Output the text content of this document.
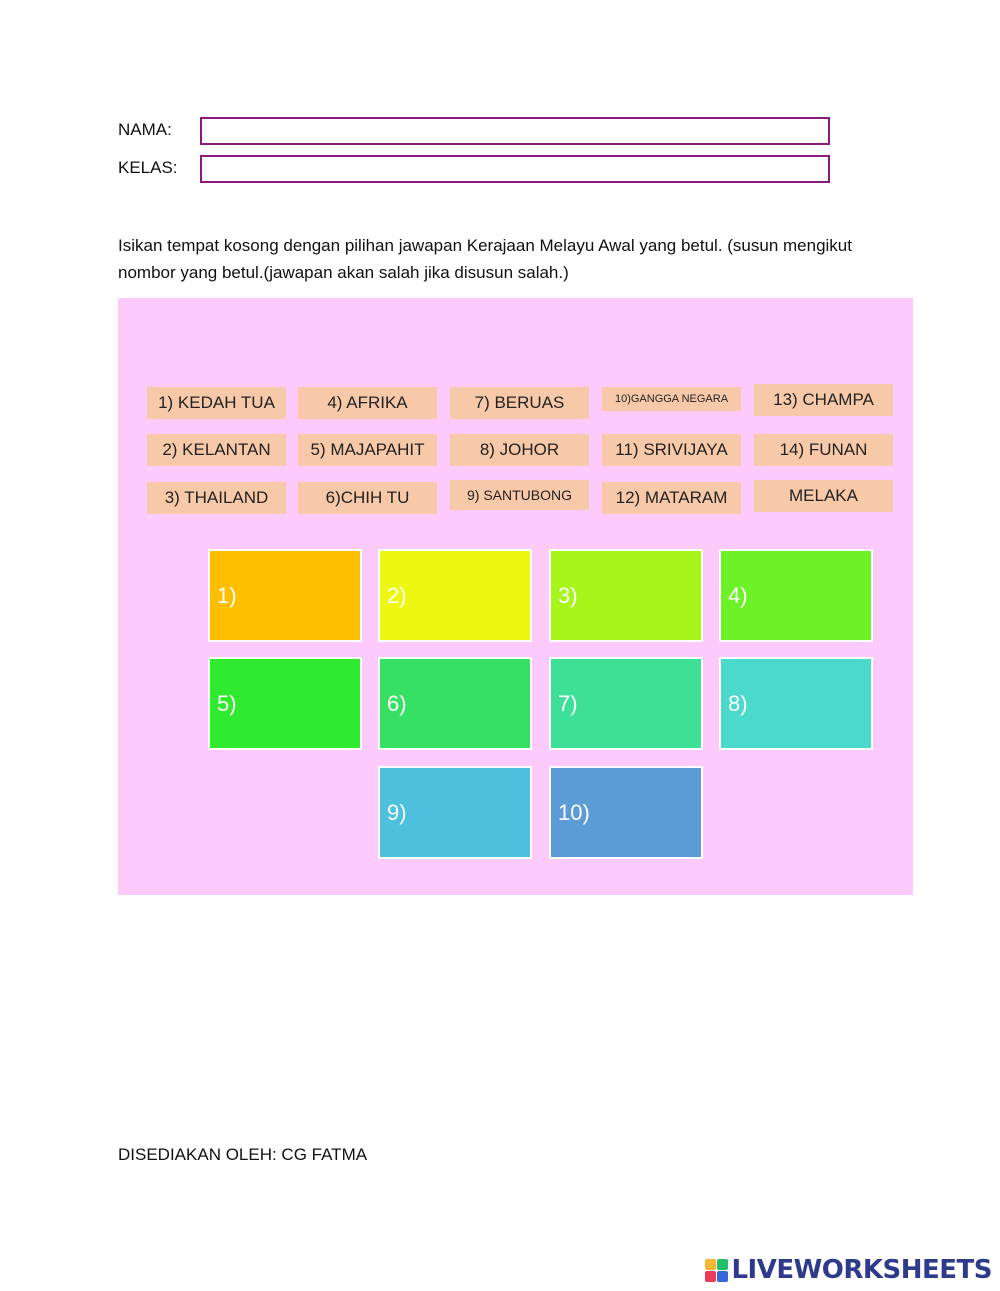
NAMA:
KELAS:
Isikan tempat kosong dengan pilihan jawapan Kerajaan Melayu Awal yang betul. (susun mengikut nombor yang betul.(jawapan akan salah jika disusun salah.)
1) KEDAH TUA	4) AFRIKA	7) BERUAS	10)GANGGA NEGARA	13) CHAMPA
2) KELANTAN	5) MAJAPAHIT	8) JOHOR	11) SRIVIJAYA	14) FUNAN
3) THAILAND	6)CHIH TU	9) SANTUBONG	12) MATARAM	MELAKA
1)	2)	3)	4)
5)	6)	7)	8)
9)	10)
DISEDIAKAN OLEH: CG FATMA
LIVEWORKSHEETS
